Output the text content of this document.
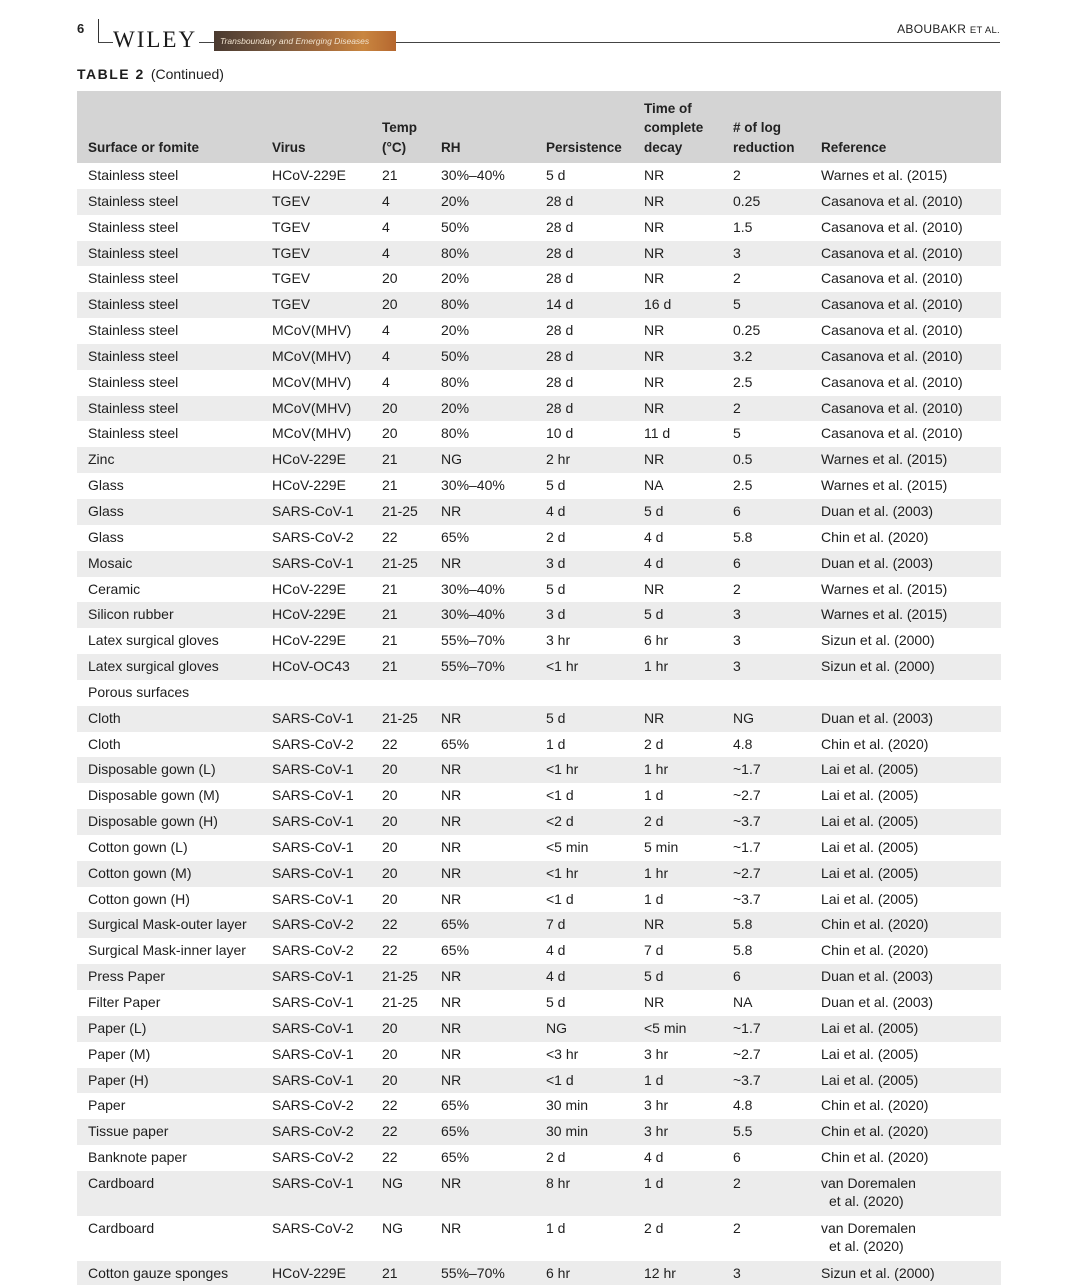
6 WILEY	Transboundary and Emerging Diseases
ABOUBAKR ET AL.
TABLE 2 (Continued)
Surface or fomite	Virus	Temp (°C)	RH	Persistence	Time of complete decay	# of log reduction	Reference
Stainless steel	HCoV-229E	21	30%–40%	5 d	NR	2	Warnes et al. (2015)
Stainless steel	TGEV	4	20%	28 d	NR	0.25	Casanova et al. (2010)
Stainless steel	TGEV	4	50%	28 d	NR	1.5	Casanova et al. (2010)
Stainless steel	TGEV	4	80%	28 d	NR	3	Casanova et al. (2010)
Stainless steel	TGEV	20	20%	28 d	NR	2	Casanova et al. (2010)
Stainless steel	TGEV	20	80%	14 d	16 d	5	Casanova et al. (2010)
Stainless steel	MCoV(MHV)	4	20%	28 d	NR	0.25	Casanova et al. (2010)
Stainless steel	MCoV(MHV)	4	50%	28 d	NR	3.2	Casanova et al. (2010)
Stainless steel	MCoV(MHV)	4	80%	28 d	NR	2.5	Casanova et al. (2010)
Stainless steel	MCoV(MHV)	20	20%	28 d	NR	2	Casanova et al. (2010)
Stainless steel	MCoV(MHV)	20	80%	10 d	11 d	5	Casanova et al. (2010)
Zinc	HCoV-229E	21	NG	2 hr	NR	0.5	Warnes et al. (2015)
Glass	HCoV-229E	21	30%–40%	5 d	NA	2.5	Warnes et al. (2015)
Glass	SARS-CoV-1	21-25	NR	4 d	5 d	6	Duan et al. (2003)
Glass	SARS-CoV-2	22	65%	2 d	4 d	5.8	Chin et al. (2020)
Mosaic	SARS-CoV-1	21-25	NR	3 d	4 d	6	Duan et al. (2003)
Ceramic	HCoV-229E	21	30%–40%	5 d	NR	2	Warnes et al. (2015)
Silicon rubber	HCoV-229E	21	30%–40%	3 d	5 d	3	Warnes et al. (2015)
Latex surgical gloves	HCoV-229E	21	55%–70%	3 hr	6 hr	3	Sizun et al. (2000)
Latex surgical gloves	HCoV-OC43	21	55%–70%	<1 hr	1 hr	3	Sizun et al. (2000)
Porous surfaces							
Cloth	SARS-CoV-1	21-25	NR	5 d	NR	NG	Duan et al. (2003)
Cloth	SARS-CoV-2	22	65%	1 d	2 d	4.8	Chin et al. (2020)
Disposable gown (L)	SARS-CoV-1	20	NR	<1 hr	1 hr	~1.7	Lai et al. (2005)
Disposable gown (M)	SARS-CoV-1	20	NR	<1 d	1 d	~2.7	Lai et al. (2005)
Disposable gown (H)	SARS-CoV-1	20	NR	<2 d	2 d	~3.7	Lai et al. (2005)
Cotton gown (L)	SARS-CoV-1	20	NR	<5 min	5 min	~1.7	Lai et al. (2005)
Cotton gown (M)	SARS-CoV-1	20	NR	<1 hr	1 hr	~2.7	Lai et al. (2005)
Cotton gown (H)	SARS-CoV-1	20	NR	<1 d	1 d	~3.7	Lai et al. (2005)
Surgical Mask-outer layer	SARS-CoV-2	22	65%	7 d	NR	5.8	Chin et al. (2020)
Surgical Mask-inner layer	SARS-CoV-2	22	65%	4 d	7 d	5.8	Chin et al. (2020)
Press Paper	SARS-CoV-1	21-25	NR	4 d	5 d	6	Duan et al. (2003)
Filter Paper	SARS-CoV-1	21-25	NR	5 d	NR	NA	Duan et al. (2003)
Paper (L)	SARS-CoV-1	20	NR	NG	<5 min	~1.7	Lai et al. (2005)
Paper (M)	SARS-CoV-1	20	NR	<3 hr	3 hr	~2.7	Lai et al. (2005)
Paper (H)	SARS-CoV-1	20	NR	<1 d	1 d	~3.7	Lai et al. (2005)
Paper	SARS-CoV-2	22	65%	30 min	3 hr	4.8	Chin et al. (2020)
Tissue paper	SARS-CoV-2	22	65%	30 min	3 hr	5.5	Chin et al. (2020)
Banknote paper	SARS-CoV-2	22	65%	2 d	4 d	6	Chin et al. (2020)
Cardboard	SARS-CoV-1	NG	NR	8 hr	1 d	2	van Doremalen
et al. (2020)

Cardboard	SARS-CoV-2	NG	NR	1 d	2 d	2	van Doremalen
et al. (2020)

Cotton gauze sponges	HCoV-229E	21	55%–70%	6 hr	12 hr	3	Sizun et al. (2000)
